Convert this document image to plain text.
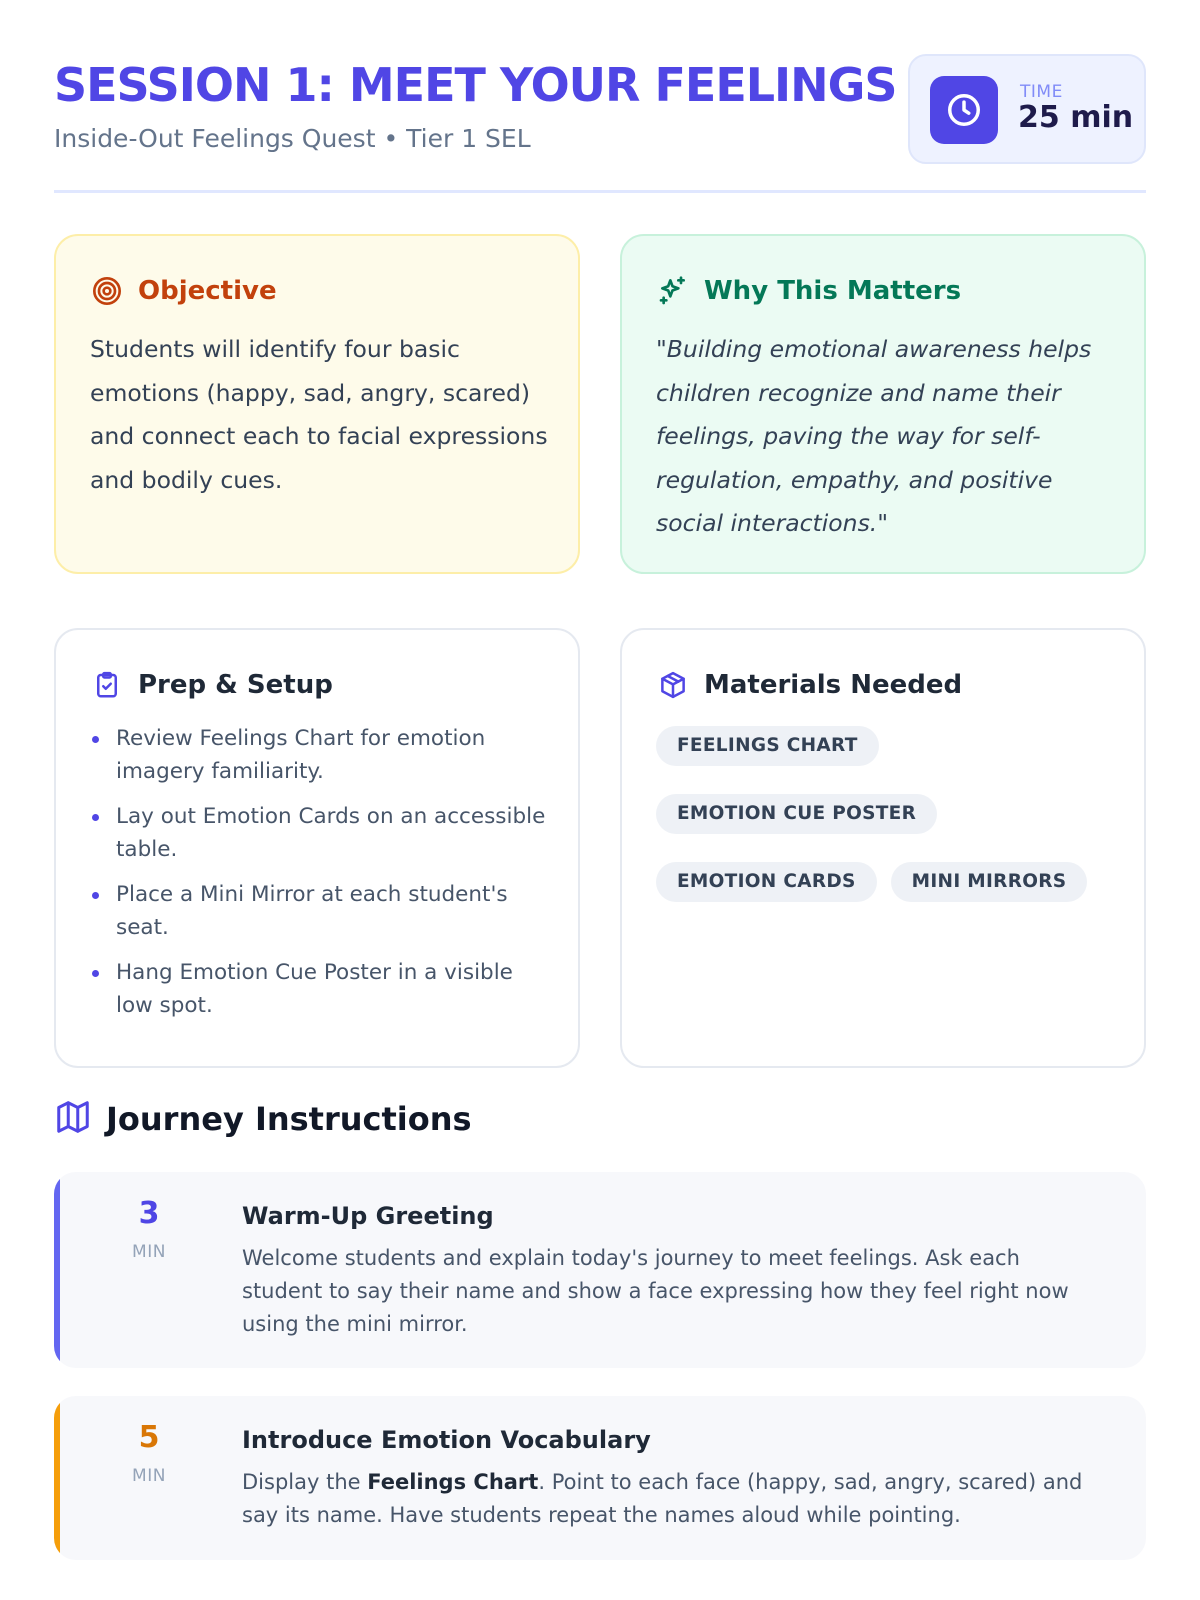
SESSION 1: MEET YOUR FEELINGS
Inside-Out Feelings Quest • Tier 1 SEL
TIME
25 min
Objective
Students will identify four basic emotions (happy, sad, angry, scared) and connect each to facial expressions and bodily cues.
Why This Matters
"Building emotional awareness helps children recognize and name their feelings, paving the way for self-regulation, empathy, and positive social interactions."
Prep & Setup
Review Feelings Chart for emotion imagery familiarity.
Lay out Emotion Cards on an accessible table.
Place a Mini Mirror at each student's seat.
Hang Emotion Cue Poster in a visible low spot.
Materials Needed
FEELINGS CHART
EMOTION CUE POSTER
EMOTION CARDS	MINI MIRRORS
Journey Instructions
3
MIN
Warm-Up Greeting
Welcome students and explain today's journey to meet feelings. Ask each student to say their name and show a face expressing how they feel right now using the mini mirror.
5
MIN
Introduce Emotion Vocabulary
Display the Feelings Chart. Point to each face (happy, sad, angry, scared) and say its name. Have students repeat the names aloud while pointing.
